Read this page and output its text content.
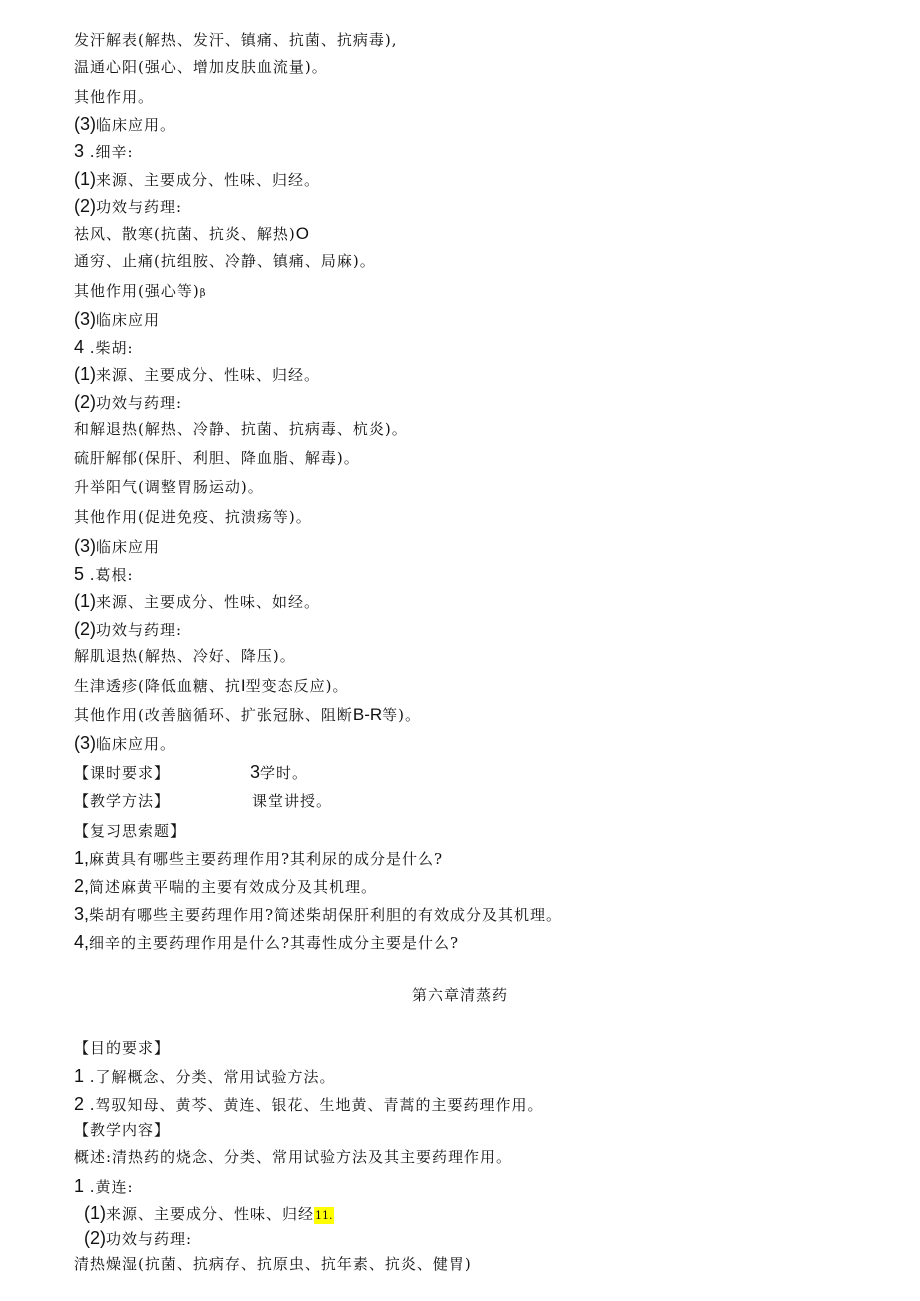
发汗解表(解热、发汗、镇痛、抗菌、抗病毒),
温通心阳(强心、增加皮肤血流量)。
其他作用。
(3)临床应用。
3 .细辛:
(1)来源、主要成分、性味、归经。
(2)功效与药理:
祛风、散寒(抗菌、抗炎、解热)O
通穷、止痛(抗组胺、冷静、镇痛、局麻)。
其他作用(强心等)β
(3)临床应用
4 .柴胡:
(1)来源、主要成分、性味、归经。
(2)功效与药理:
和解退热(解热、冷静、抗菌、抗病毒、杭炎)。
硫肝解郁(保肝、利胆、降血脂、解毒)。
升举阳气(调整胃肠运动)。
其他作用(促进免疫、抗溃疡等)。
(3)临床应用
5 .葛根:
(1)来源、主要成分、性味、如经。
(2)功效与药理:
解肌退热(解热、冷好、降压)。
生津透疹(降低血糖、抗I型变态反应)。
其他作用(改善脑循环、扩张冠脉、阻断B-R等)。
(3)临床应用。
【课时要求】	3学时。
【教学方法】	课堂讲授。
【复习思索题】
1,麻黄具有哪些主要药理作用?其利尿的成分是什么?
2,简述麻黄平喘的主要有效成分及其机理。
3,柴胡有哪些主要药理作用?简述柴胡保肝利胆的有效成分及其机理。
4,细辛的主要药理作用是什么?其毒性成分主要是什么?
第六章清蒸药
【目的要求】
1 .了解概念、分类、常用试验方法。
2 .驾驭知母、黄芩、黄连、银花、生地黄、青蒿的主要药理作用。
【教学内容】
概述:清热药的烧念、分类、常用试验方法及其主要药理作用。
1 .黄连:
(1)来源、主要成分、性味、归经11.
(2)功效与药理:
清热燥湿(抗菌、抗病存、抗原虫、抗年素、抗炎、健胃)
